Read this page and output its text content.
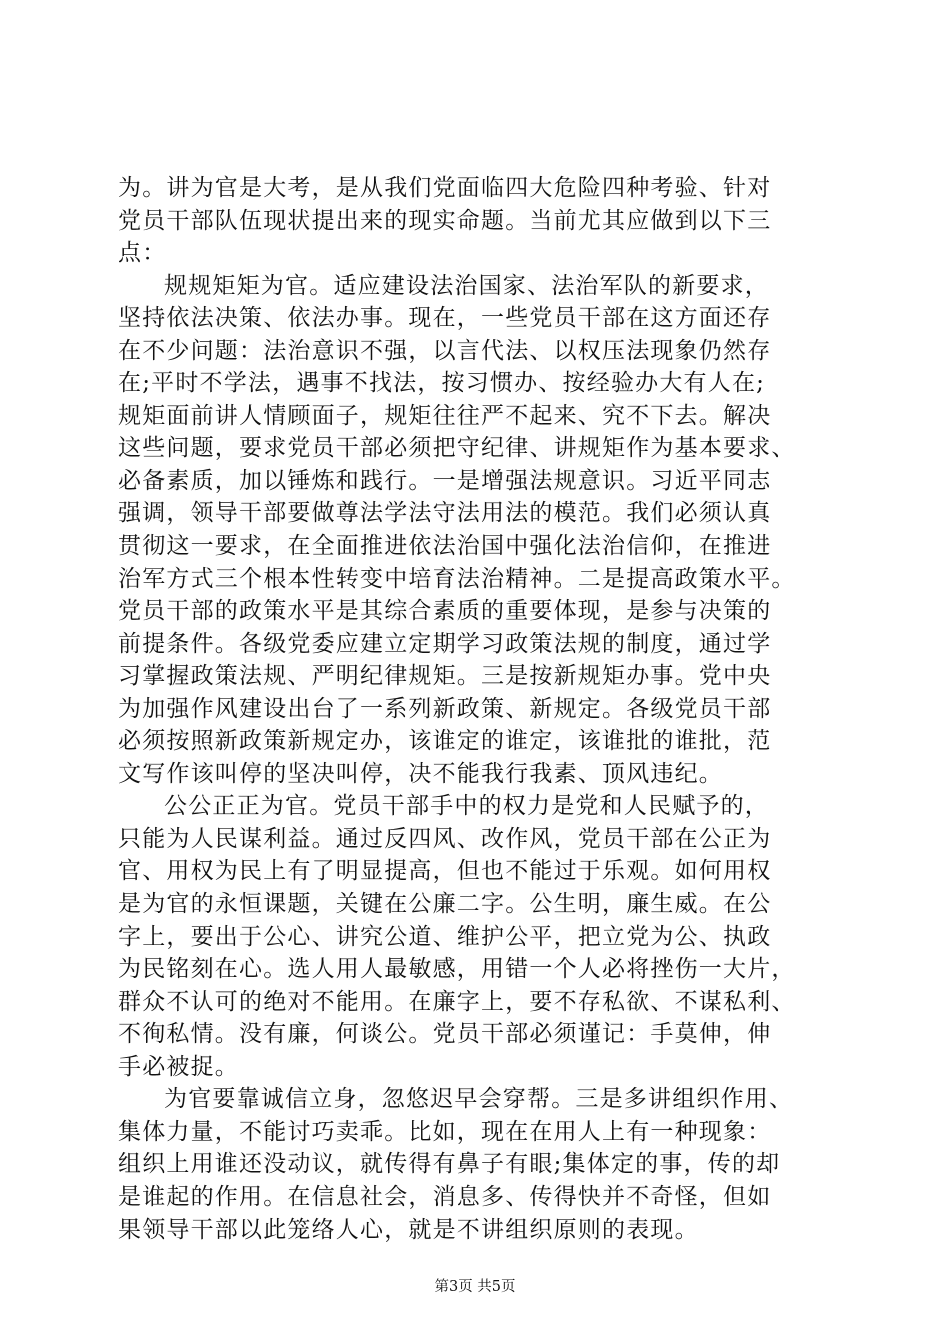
为。讲为官是大考，是从我们党面临四大危险四种考验、针对
党员干部队伍现状提出来的现实命题。当前尤其应做到以下三
点：
规规矩矩为官。适应建设法治国家、法治军队的新要求，
坚持依法决策、依法办事。现在，一些党员干部在这方面还存
在不少问题：法治意识不强，以言代法、以权压法现象仍然存
在;平时不学法，遇事不找法，按习惯办、按经验办大有人在;
规矩面前讲人情顾面子，规矩往往严不起来、究不下去。解决
这些问题，要求党员干部必须把守纪律、讲规矩作为基本要求、
必备素质，加以锤炼和践行。一是增强法规意识。习近平同志
强调，领导干部要做尊法学法守法用法的模范。我们必须认真
贯彻这一要求，在全面推进依法治国中强化法治信仰，在推进
治军方式三个根本性转变中培育法治精神。二是提高政策水平。
党员干部的政策水平是其综合素质的重要体现，是参与决策的
前提条件。各级党委应建立定期学习政策法规的制度，通过学
习掌握政策法规、严明纪律规矩。三是按新规矩办事。党中央
为加强作风建设出台了一系列新政策、新规定。各级党员干部
必须按照新政策新规定办，该谁定的谁定，该谁批的谁批，范
文写作该叫停的坚决叫停，决不能我行我素、顶风违纪。
公公正正为官。党员干部手中的权力是党和人民赋予的，
只能为人民谋利益。通过反四风、改作风，党员干部在公正为
官、用权为民上有了明显提高，但也不能过于乐观。如何用权
是为官的永恒课题，关键在公廉二字。公生明，廉生威。在公
字上，要出于公心、讲究公道、维护公平，把立党为公、执政
为民铭刻在心。选人用人最敏感，用错一个人必将挫伤一大片，
群众不认可的绝对不能用。在廉字上，要不存私欲、不谋私利、
不徇私情。没有廉，何谈公。党员干部必须谨记：手莫伸，伸
手必被捉。
为官要靠诚信立身，忽悠迟早会穿帮。三是多讲组织作用、
集体力量，不能讨巧卖乖。比如，现在在用人上有一种现象：
组织上用谁还没动议，就传得有鼻子有眼;集体定的事，传的却
是谁起的作用。在信息社会，消息多、传得快并不奇怪，但如
果领导干部以此笼络人心，就是不讲组织原则的表现。
第3页 共5页
